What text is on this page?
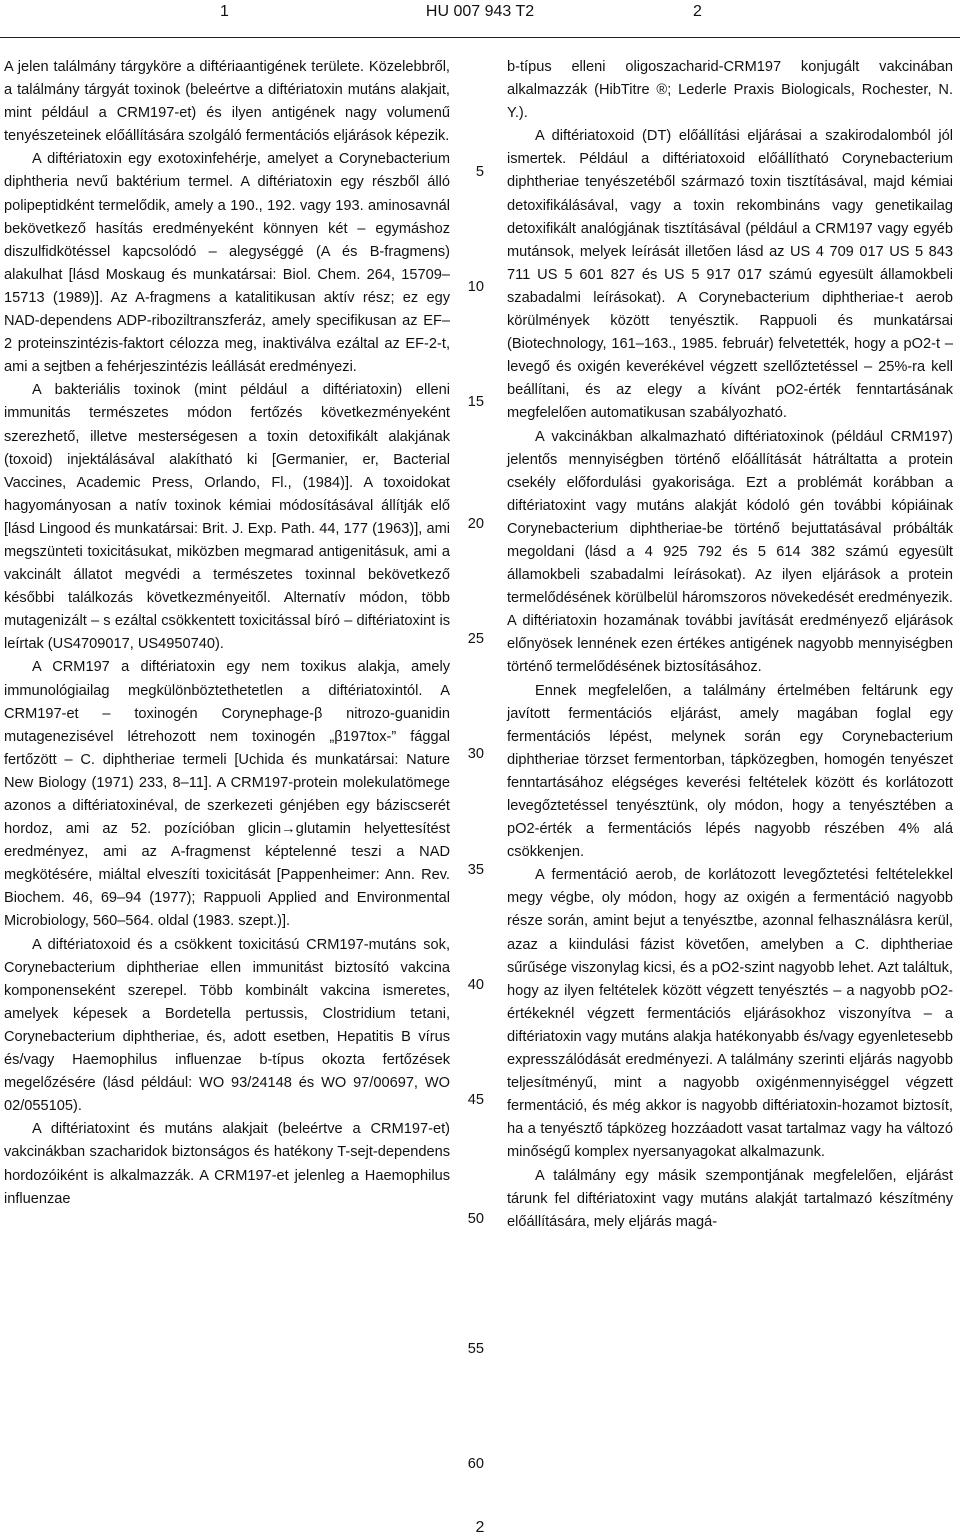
1	HU 007 943 T2	2

A jelen találmány tárgyköre a diftériaantigének területe. Közelebbről, a találmány tárgyát toxinok (beleértve a diftériatoxin mutáns alakjait, mint például a CRM197-et) és ilyen antigének nagy volumenű tenyészeteinek előállítására szolgáló fermentációs eljárások képezik.

A diftériatoxin egy exotoxinfehérje, amelyet a Corynebacterium diphtheria nevű baktérium termel. A diftériatoxin egy részből álló polipeptidként termelődik, amely a 190., 192. vagy 193. aminosavnál bekövetkező hasítás eredményeként könnyen két – egymáshoz diszulfidkötéssel kapcsolódó – alegységgé (A és B-fragmens) alakulhat [lásd Moskaug és munkatársai: Biol. Chem. 264, 15709–15713 (1989)]. Az A-fragmens a katalitikusan aktív rész; ez egy NAD-dependens ADP-riboziltranszferáz, amely specifikusan az EF–2 proteinszintézis-faktort célozza meg, inaktiválva ezáltal az EF-2-t, ami a sejtben a fehérjeszintézis leállását eredményezi.

A bakteriális toxinok (mint például a diftériatoxin) elleni immunitás természetes módon fertőzés következményeként szerezhető, illetve mesterségesen a toxin detoxifikált alakjának (toxoid) injektálásával alakítható ki [Germanier, er, Bacterial Vaccines, Academic Press, Orlando, Fl., (1984)]. A toxoidokat hagyományosan a natív toxinok kémiai módosításával állítják elő [lásd Lingood és munkatársai: Brit. J. Exp. Path. 44, 177 (1963)], ami megszünteti toxicitásukat, miközben megmarad antigenitásuk, ami a vakcinált állatot megvédi a természetes toxinnal bekövetkező későbbi találkozás következményeitől. Alternatív módon, több mutagenizált – s ezáltal csökkentett toxicitással bíró – diftériatoxint is leírtak (US4709017, US4950740).

A CRM197 a diftériatoxin egy nem toxikus alakja, amely immunológiailag megkülönböztethetetlen a diftériatoxintól. A CRM197-et – toxinogén Corynephage-β nitrozo-guanidin mutagenezisével létrehozott nem toxinogén „β197tox-” fággal fertőzött – C. diphtheriae termeli [Uchida és munkatársai: Nature New Biology (1971) 233, 8–11]. A CRM197-protein molekulatömege azonos a diftériatoxinéval, de szerkezeti génjében egy báziscserét hordoz, ami az 52. pozícióban glicin→glutamin helyettesítést eredményez, ami az A-fragmenst képtelenné teszi a NAD megkötésére, miáltal elveszíti toxicitását [Pappenheimer: Ann. Rev. Biochem. 46, 69–94 (1977); Rappuoli Applied and Environmental Microbiology, 560–564. oldal (1983. szept.)].

A diftériatoxoid és a csökkent toxicitású CRM197-mutáns sok, Corynebacterium diphtheriae ellen immunitást biztosító vakcina komponenseként szerepel. Több kombinált vakcina ismeretes, amelyek képesek a Bordetella pertussis, Clostridium tetani, Corynebacterium diphtheriae, és, adott esetben, Hepatitis B vírus és/vagy Haemophilus influenzae b-típus okozta fertőzések megelőzésére (lásd például: WO 93/24148 és WO 97/00697, WO 02/055105).

A diftériatoxint és mutáns alakjait (beleértve a CRM197-et) vakcinákban szacharidok biztonságos és hatékony T-sejt-dependens hordozóiként is alkalmazzák. A CRM197-et jelenleg a Haemophilus influenzae

b-típus elleni oligoszacharid-CRM197 konjugált vakcinában alkalmazzák (HibTitre ®; Lederle Praxis Biologicals, Rochester, N. Y.).

A diftériatoxoid (DT) előállítási eljárásai a szakirodalomból jól ismertek. Például a diftériatoxoid előállítható Corynebacterium diphtheriae tenyészetéből származó toxin tisztításával, majd kémiai detoxifikálásával, vagy a toxin rekombináns vagy genetikailag detoxifikált analógjának tisztításával (például a CRM197 vagy egyéb mutánsok, melyek leírását illetően lásd az US 4 709 017 US 5 843 711 US 5 601 827 és US 5 917 017 számú egyesült államokbeli szabadalmi leírásokat). A Corynebacterium diphtheriae-t aerob körülmények között tenyésztik. Rappuoli és munkatársai (Biotechnology, 161–163., 1985. február) felvetették, hogy a pO2-t – levegő és oxigén keverékével végzett szellőztetéssel – 25%-ra kell beállítani, és az elegy a kívánt pO2-érték fenntartásának megfelelően automatikusan szabályozható.

A vakcinákban alkalmazható diftériatoxinok (például CRM197) jelentős mennyiségben történő előállítását hátráltatta a protein csekély előfordulási gyakorisága. Ezt a problémát korábban a diftériatoxint vagy mutáns alakját kódoló gén további kópiáinak Corynebacterium diphtheriae-be történő bejuttatásával próbálták megoldani (lásd a 4 925 792 és 5 614 382 számú egyesült államokbeli szabadalmi leírásokat). Az ilyen eljárások a protein termelődésének körülbelül háromszoros növekedését eredményezik. A diftériatoxin hozamának további javítását eredményező eljárások előnyösek lennének ezen értékes antigének nagyobb mennyiségben történő termelődésének biztosításához.

Ennek megfelelően, a találmány értelmében feltárunk egy javított fermentációs eljárást, amely magában foglal egy fermentációs lépést, melynek során egy Corynebacterium diphtheriae törzset fermentorban, tápközegben, homogén tenyészet fenntartásához elégséges keverési feltételek között és korlátozott levegőztetéssel tenyésztünk, oly módon, hogy a tenyésztében a pO2-érték a fermentációs lépés nagyobb részében 4% alá csökkenjen.

A fermentáció aerob, de korlátozott levegőztetési feltételekkel megy végbe, oly módon, hogy az oxigén a fermentáció nagyobb része során, amint bejut a tenyésztbe, azonnal felhasználásra kerül, azaz a kiindulási fázist követően, amelyben a C. diphtheriae sűrűsége viszonylag kicsi, és a pO2-szint nagyobb lehet. Azt találtuk, hogy az ilyen feltételek között végzett tenyésztés – a nagyobb pO2-értékeknél végzett fermentációs eljárásokhoz viszonyítva – a diftériatoxin vagy mutáns alakja hatékonyabb és/vagy egyenletesebb expresszálódását eredményezi. A találmány szerinti eljárás nagyobb teljesítményű, mint a nagyobb oxigénmennyiséggel végzett fermentáció, és még akkor is nagyobb diftériatoxin-hozamot biztosít, ha a tenyésztő tápközeg hozzáadott vasat tartalmaz vagy ha változó minőségű komplex nyersanyagokat alkalmazunk.

A találmány egy másik szempontjának megfelelően, eljárást tárunk fel diftériatoxint vagy mutáns alakját tartalmazó készítmény előállítására, mely eljárás magá-

5
10
15
20
25
30
35
40
45
50
55
60
2
